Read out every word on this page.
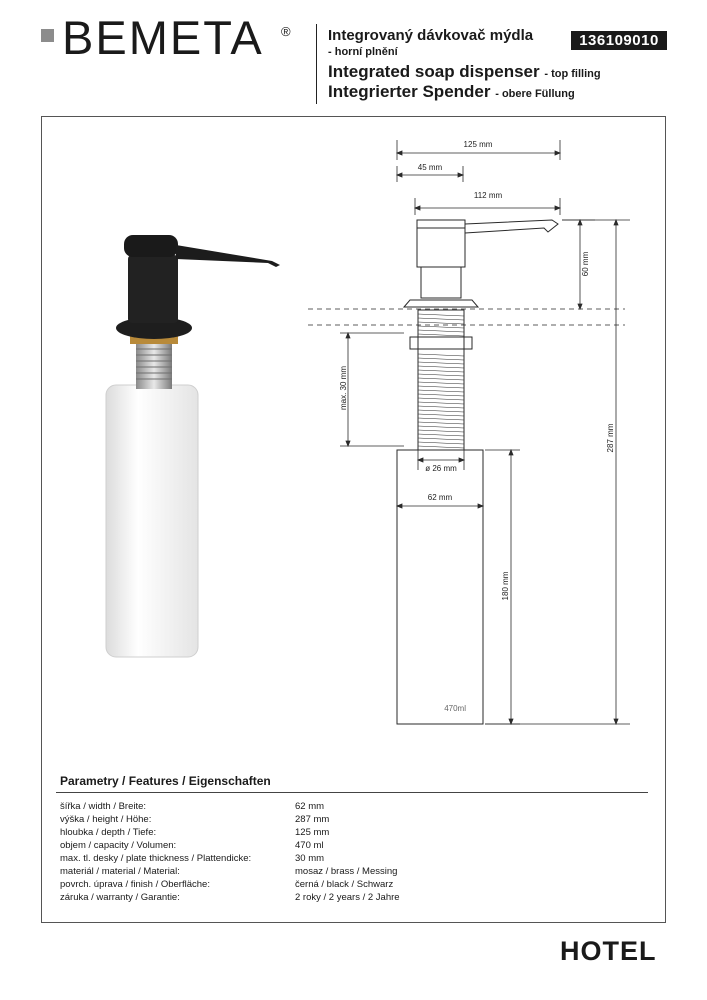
BEMETA ® Integrovaný dávkovač mýdla
- horní plnění
Integrated soap dispenser - top filling
Integrierter Spender - obere Füllung
136109010
125 mm
45 mm
112 mm
ø 26 mm
62 mm
470ml
60 mm
287 mm
max. 30 mm
180 mm
Parametry / Features / Eigenschaften
šířka / width / Breite:	62 mm
výška / height / Höhe:	287 mm
hloubka / depth / Tiefe:	125 mm
objem / capacity / Volumen:	470 ml
max. tl. desky / plate thickness / Plattendicke:	30 mm
materiál / material / Material:	mosaz / brass / Messing
povrch. úprava / finish / Oberfläche:	černá / black / Schwarz
záruka / warranty / Garantie:	2 roky / 2 years / 2 Jahre
HOTEL
